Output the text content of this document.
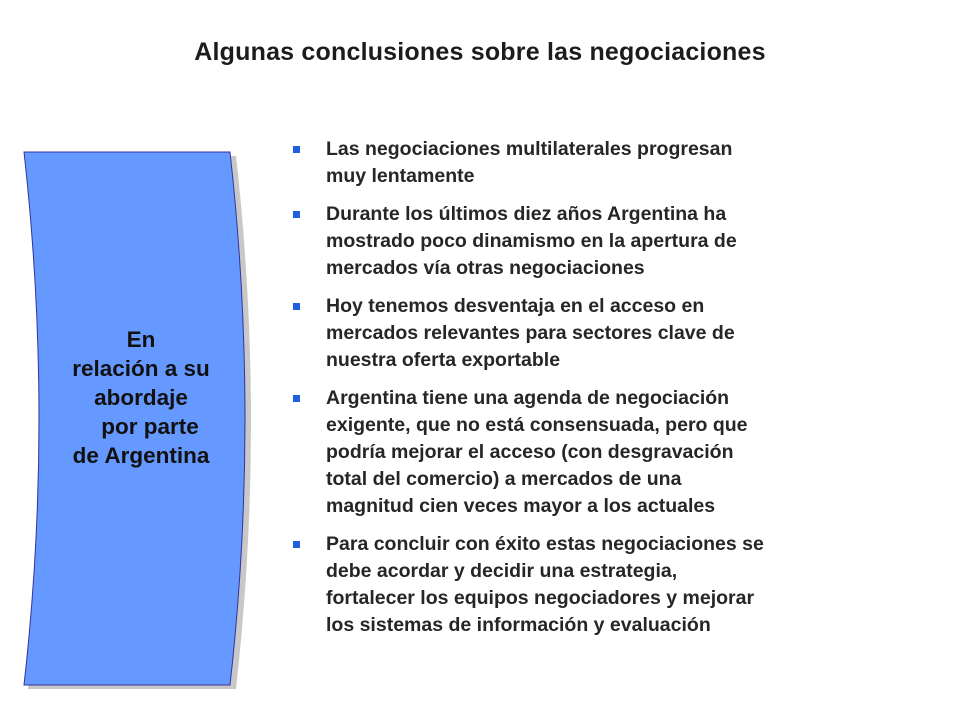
Algunas conclusiones sobre las negociaciones
En
relación a su
abordaje
por parte
de Argentina
Las negociaciones multilaterales progresan
muy lentamente
Durante los últimos diez años Argentina ha
mostrado poco dinamismo en la apertura de
mercados vía otras negociaciones
Hoy tenemos desventaja en el acceso en
mercados relevantes para sectores clave de
nuestra oferta exportable
Argentina tiene una agenda de negociación
exigente, que no está consensuada, pero que
podría mejorar el acceso (con desgravación
total del comercio) a mercados de una
magnitud cien veces mayor a los actuales
Para concluir con éxito estas negociaciones se
debe acordar y decidir una estrategia,
fortalecer los equipos negociadores y mejorar
los sistemas de información y evaluación
